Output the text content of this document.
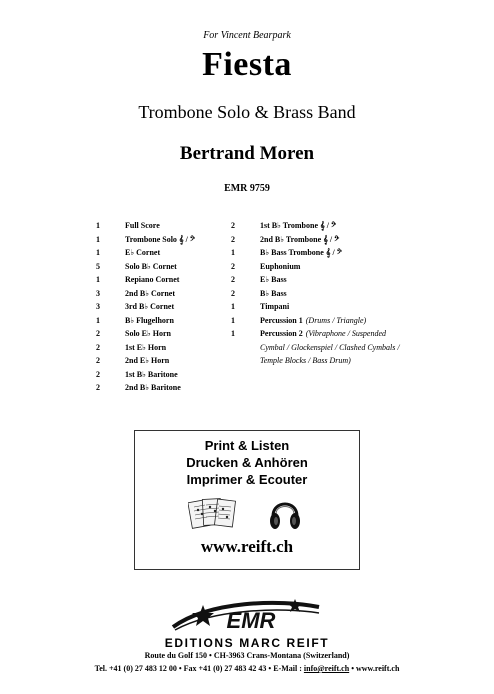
For Vincent Bearpark
Fiesta
Trombone Solo & Brass Band
Bertrand Moren
EMR 9759
1	Full Score
1	Trombone Solo 𝄞 / 𝄢
1	E♭ Cornet
5	Solo B♭ Cornet
1	Repiano Cornet
3	2nd B♭ Cornet
3	3rd B♭ Cornet
1	B♭ Flugelhorn
2	Solo E♭ Horn
2	1st E♭ Horn
2	2nd E♭ Horn
2	1st B♭ Baritone
2	2nd B♭ Baritone
2	1st B♭ Trombone 𝄞 / 𝄢
2	2nd B♭ Trombone 𝄞 / 𝄢
1	B♭ Bass Trombone 𝄞 / 𝄢
2	Euphonium
2	E♭ Bass
2	B♭ Bass
1	Timpani
1	Percussion 1 (Drums / Triangle)
1	Percussion 2 (Vibraphone / Suspended
Cymbal / Glockenspiel / Clashed Cymbals /
Temple Blocks / Bass Drum)
Print & Listen
Drucken & Anhören
Imprimer & Ecouter
www.reift.ch
EMR
EDITIONS MARC REIFT
Route du Golf 150 • CH-3963 Crans-Montana (Switzerland)
Tel. +41 (0) 27 483 12 00 • Fax +41 (0) 27 483 42 43 • E-Mail : info@reift.ch • www.reift.ch
